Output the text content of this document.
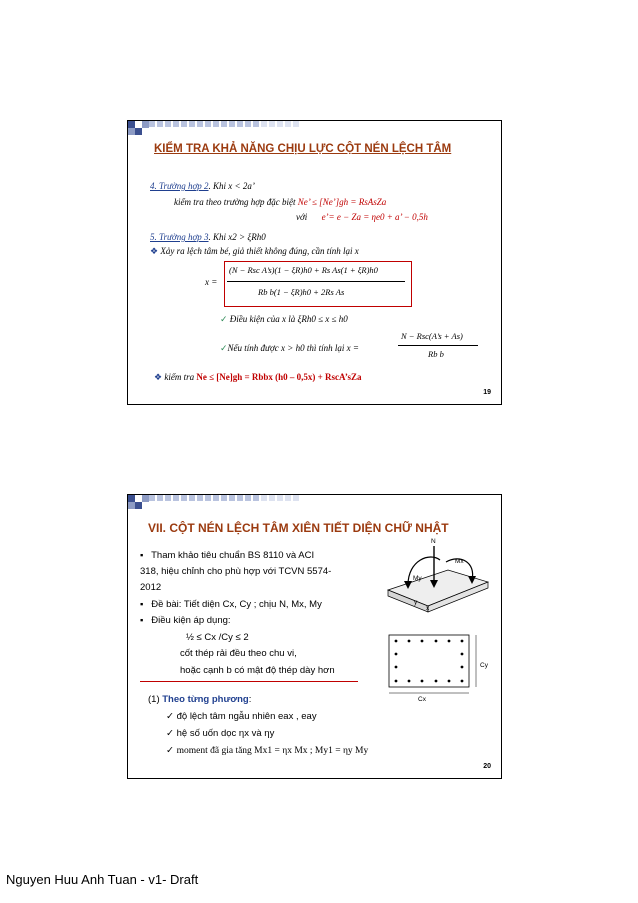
KIỂM TRA KHẢ NĂNG CHỊU LỰC CỘT NÉN LỆCH TÂM
4. Trường hợp 2. Khi x < 2a’
kiểm tra theo trường hợp đặc biệt Ne’ ≤ [Ne’]gh = RsAsZa
với e’= e − Za = ηe0 + a’ − 0,5h
5. Trường hợp 3. Khi x2 > ξRh0
❖ Xảy ra lệch tâm bé, giả thiết không đúng, cần tính lại x
x =
(N − Rsc A’s)(1 − ξR)h0 + Rs As(1 + ξR)h0
Rb b(1 − ξR)h0 + 2Rs As
✓ Điều kiện của x là ξRh0 ≤ x ≤ h0
✓Nếu tính được x > h0 thì tính lại x =
N − Rsc(A’s + As)
Rb b
❖ kiểm tra Ne ≤ [Ne]gh = Rbbx (h0 – 0,5x) + RscA’sZa
19
VII. CỘT NÉN LỆCH TÂM XIÊN TIẾT DIỆN CHỮ NHẬT
▪ Tham khảo tiêu chuẩn BS 8110 và ACI
318, hiệu chỉnh cho phù hợp với TCVN 5574-
2012
▪ Đề bài: Tiết diện Cx, Cy ; chịu N, Mx, My
▪ Điều kiện áp dụng:
½ ≤ Cx /Cy ≤ 2
cốt thép rải đều theo chu vi,
hoặc cạnh b có mật độ thép dày hơn
(1) Theo từng phương:
✓ độ lệch tâm ngẫu nhiên eax , eay
✓ hệ số uốn dọc ηx và ηy
✓ moment đã gia tăng Mx1 = ηx Mx ; My1 = ηy My
N
Mx
My
y
x
Cy
Cx
20
Nguyen Huu Anh Tuan - v1- Draft
